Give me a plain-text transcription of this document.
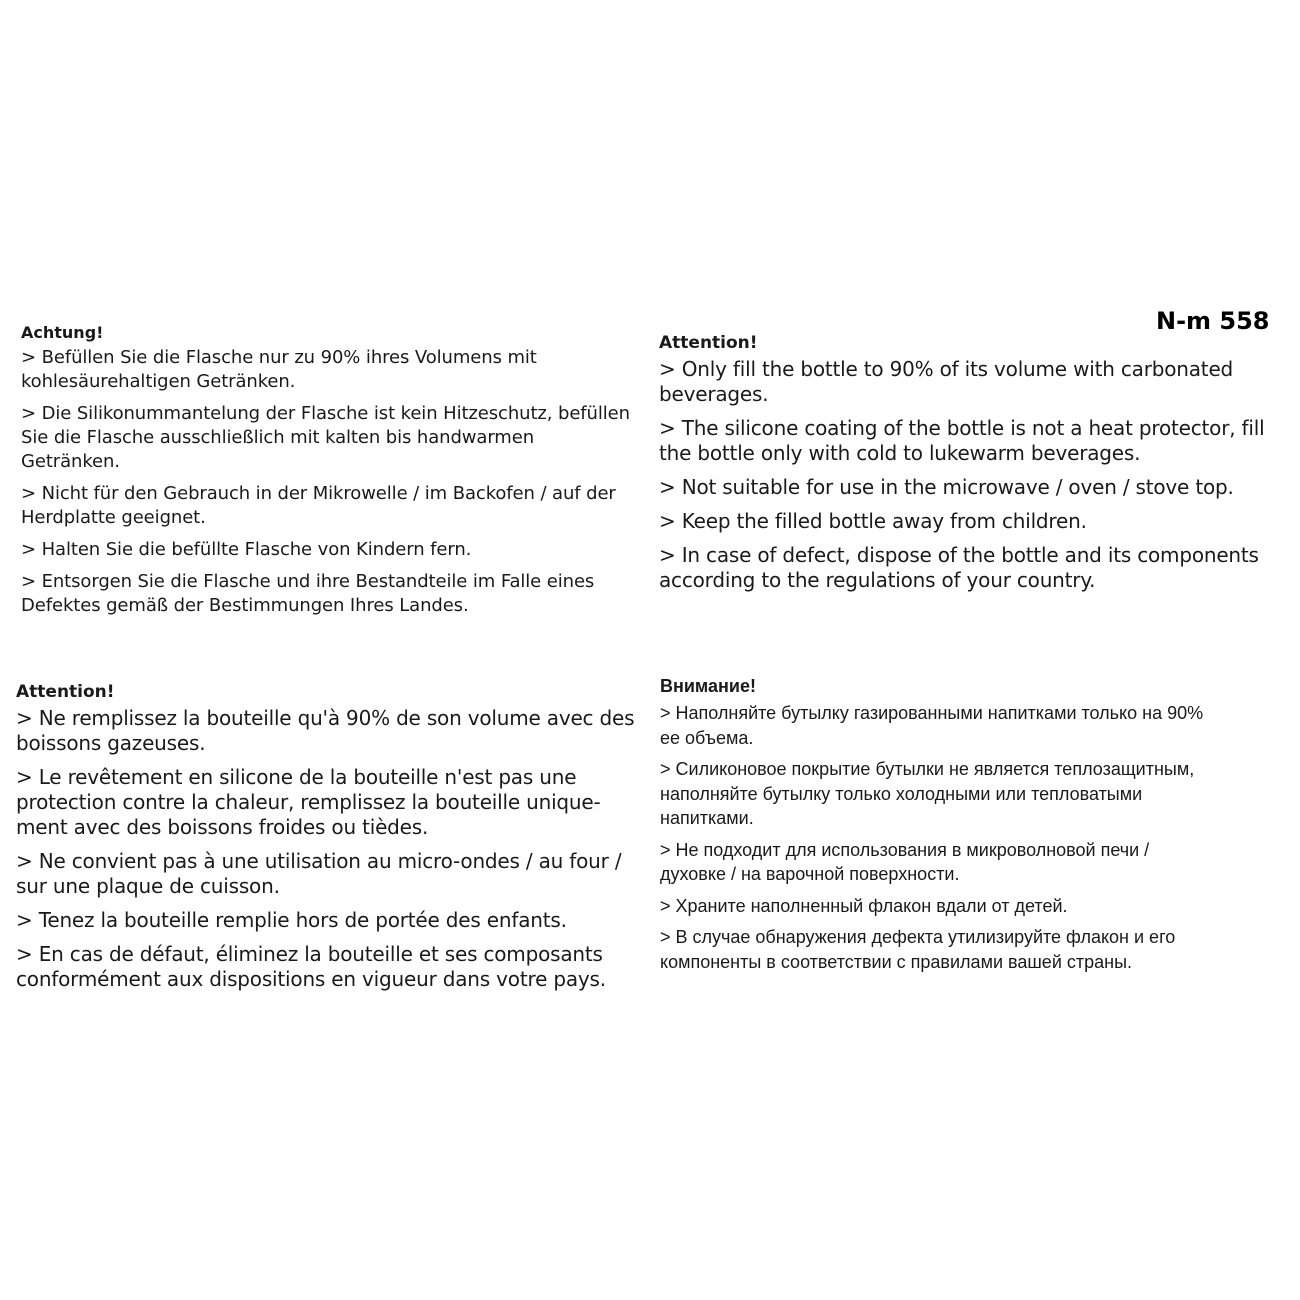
N-m 558

Achtung!

> Befüllen Sie die Flasche nur zu 90% ihres Volumens mit kohlesäurehaltigen Getränken.

> Die Silikonummantelung der Flasche ist kein Hitzeschutz, befüllen Sie die Flasche ausschließlich mit kalten bis handwarmen Getränken.

> Nicht für den Gebrauch in der Mikrowelle / im Backofen / auf der Herdplatte geeignet.

> Halten Sie die befüllte Flasche von Kindern fern.

> Entsorgen Sie die Flasche und ihre Bestandteile im Falle eines Defektes gemäß der Bestimmungen Ihres Landes.

Attention!

> Only fill the bottle to 90% of its volume with carbonated beverages.

> The silicone coating of the bottle is not a heat protector, fill the bottle only with cold to lukewarm beverages.

> Not suitable for use in the microwave / oven / stove top.

> Keep the filled bottle away from children.

> In case of defect, dispose of the bottle and its components according to the regulations of your country.

Attention!

> Ne remplissez la bouteille qu'à 90% de son volume avec des boissons gazeuses.

> Le revêtement en silicone de la bouteille n'est pas une protection contre la chaleur, remplissez la bouteille unique-ment avec des boissons froides ou tièdes.

> Ne convient pas à une utilisation au micro-ondes / au four / sur une plaque de cuisson.

> Tenez la bouteille remplie hors de portée des enfants.

> En cas de défaut, éliminez la bouteille et ses composants conformément aux dispositions en vigueur dans votre pays.

Внимание!

> Наполняйте бутылку газированными напитками только на 90% ее объема.

> Силиконовое покрытие бутылки не является теплозащитным, наполняйте бутылку только холодными или тепловатыми напитками.

> Не подходит для использования в микроволновой печи / духовке / на варочной поверхности.

> Храните наполненный флакон вдали от детей.

> В случае обнаружения дефекта утилизируйте флакон и его компоненты в соответствии с правилами вашей страны.
